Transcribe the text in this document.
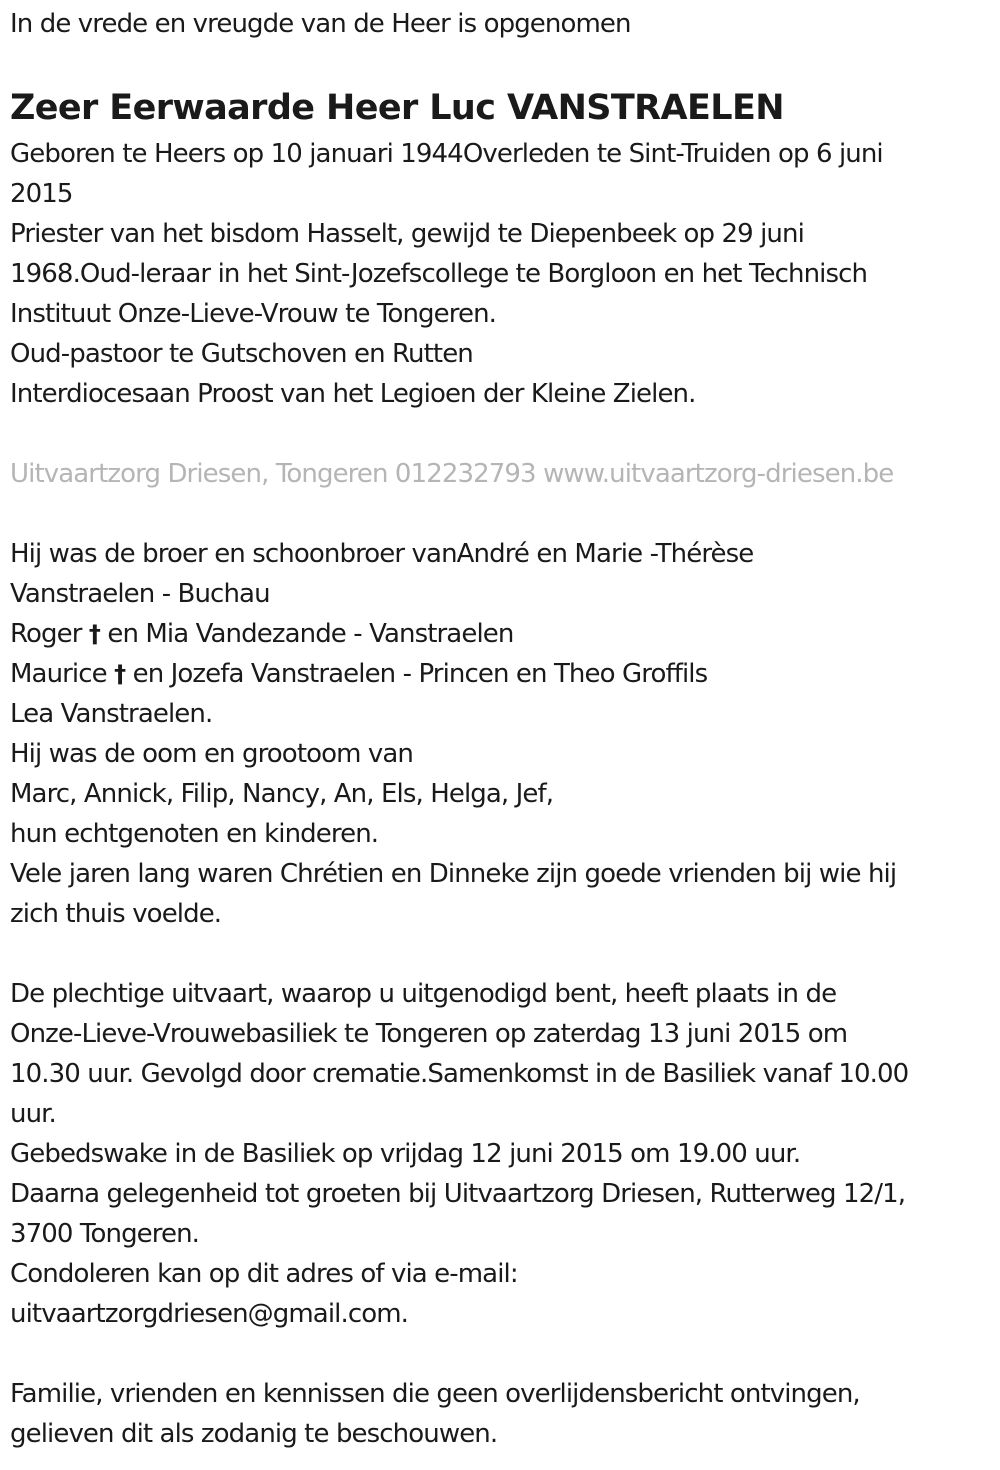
In de vrede en vreugde van de Heer is opgenomen
Zeer Eerwaarde Heer Luc VANSTRAELEN
Geboren te Heers op 10 januari 1944Overleden te Sint-Truiden op 6 juni
2015
Priester van het bisdom Hasselt, gewijd te Diepenbeek op 29 juni
1968.Oud-leraar in het Sint-Jozefscollege te Borgloon en het Technisch
Instituut Onze-Lieve-Vrouw te Tongeren.
Oud-pastoor te Gutschoven en Rutten
Interdiocesaan Proost van het Legioen der Kleine Zielen.
Uitvaartzorg Driesen, Tongeren 012232793 www.uitvaartzorg-driesen.be
Hij was de broer en schoonbroer vanAndré en Marie -Thérèse
Vanstraelen - Buchau
Roger † en Mia Vandezande - Vanstraelen
Maurice † en Jozefa Vanstraelen - Princen en Theo Groffils
Lea Vanstraelen.
Hij was de oom en grootoom van
Marc, Annick, Filip, Nancy, An, Els, Helga, Jef,
hun echtgenoten en kinderen.
Vele jaren lang waren Chrétien en Dinneke zijn goede vrienden bij wie hij
zich thuis voelde.
De plechtige uitvaart, waarop u uitgenodigd bent, heeft plaats in de
Onze-Lieve-Vrouwebasiliek te Tongeren op zaterdag 13 juni 2015 om
10.30 uur. Gevolgd door crematie.Samenkomst in de Basiliek vanaf 10.00
uur.
Gebedswake in de Basiliek op vrijdag 12 juni 2015 om 19.00 uur.
Daarna gelegenheid tot groeten bij Uitvaartzorg Driesen, Rutterweg 12/1,
3700 Tongeren.
Condoleren kan op dit adres of via e-mail:
uitvaartzorgdriesen@gmail.com.
Familie, vrienden en kennissen die geen overlijdensbericht ontvingen,
gelieven dit als zodanig te beschouwen.
